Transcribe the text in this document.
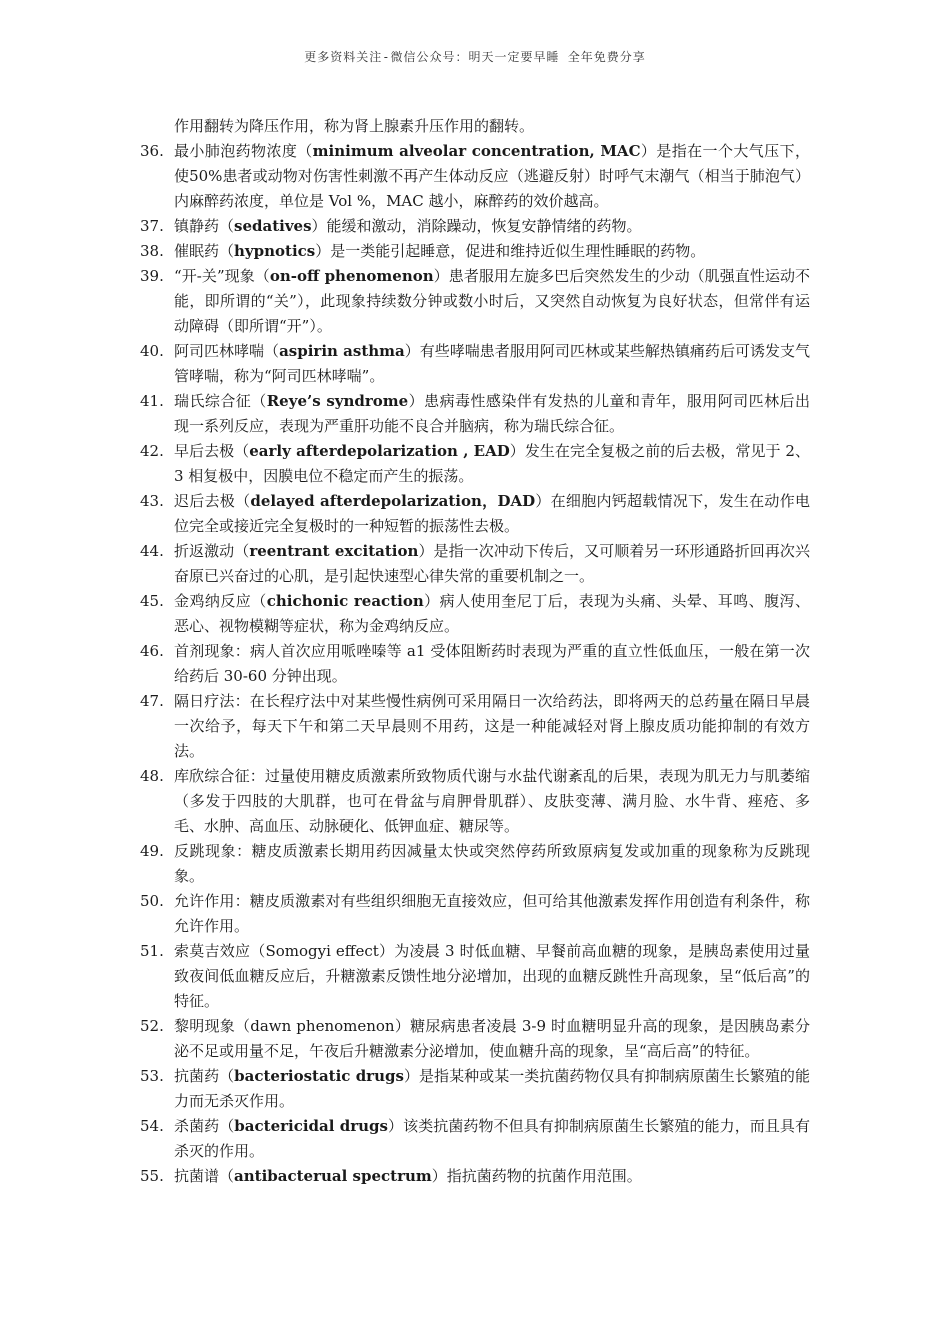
更多资料关注-微信公众号：明天一定要早睡 全年免费分享
作用翻转为降压作用，称为肾上腺素升压作用的翻转。
36. 最小肺泡药物浓度（minimum alveolar concentration, MAC）是指在一个大气压下，使50%患者或动物对伤害性刺激不再产生体动反应（逃避反射）时呼气末潮气（相当于肺泡气）内麻醉药浓度，单位是 Vol %，MAC 越小，麻醉药的效价越高。
37. 镇静药（sedatives）能缓和激动，消除躁动，恢复安静情绪的药物。
38. 催眠药（hypnotics）是一类能引起睡意，促进和维持近似生理性睡眠的药物。
39. “开-关”现象（on-off phenomenon）患者服用左旋多巴后突然发生的少动（肌强直性运动不能，即所谓的“关”），此现象持续数分钟或数小时后，又突然自动恢复为良好状态，但常伴有运动障碍（即所谓“开”）。
40. 阿司匹林哮喘（aspirin asthma）有些哮喘患者服用阿司匹林或某些解热镇痛药后可诱发支气管哮喘，称为“阿司匹林哮喘”。
41. 瑞氏综合征（Reye’s syndrome）患病毒性感染伴有发热的儿童和青年，服用阿司匹林后出现一系列反应，表现为严重肝功能不良合并脑病，称为瑞氏综合征。
42. 早后去极（early afterdepolarization , EAD）发生在完全复极之前的后去极，常见于 2、3 相复极中，因膜电位不稳定而产生的振荡。
43. 迟后去极（delayed afterdepolarization，DAD）在细胞内钙超载情况下，发生在动作电位完全或接近完全复极时的一种短暂的振荡性去极。
44. 折返激动（reentrant excitation）是指一次冲动下传后，又可顺着另一环形通路折回再次兴奋原已兴奋过的心肌，是引起快速型心律失常的重要机制之一。
45. 金鸡纳反应（chichonic reaction）病人使用奎尼丁后，表现为头痛、头晕、耳鸣、腹泻、恶心、视物模糊等症状，称为金鸡纳反应。
46. 首剂现象：病人首次应用哌唑嗪等 a1 受体阻断药时表现为严重的直立性低血压，一般在第一次给药后 30-60 分钟出现。
47. 隔日疗法：在长程疗法中对某些慢性病例可采用隔日一次给药法，即将两天的总药量在隔日早晨一次给予，每天下午和第二天早晨则不用药，这是一种能减轻对肾上腺皮质功能抑制的有效方法。
48. 库欣综合征：过量使用糖皮质激素所致物质代谢与水盐代谢紊乱的后果，表现为肌无力与肌萎缩（多发于四肢的大肌群，也可在骨盆与肩胛骨肌群）、皮肤变薄、满月脸、水牛背、痤疮、多毛、水肿、高血压、动脉硬化、低钾血症、糖尿等。
49. 反跳现象：糖皮质激素长期用药因减量太快或突然停药所致原病复发或加重的现象称为反跳现象。
50. 允许作用：糖皮质激素对有些组织细胞无直接效应，但可给其他激素发挥作用创造有利条件，称允许作用。
51. 索莫吉效应（Somogyi effect）为凌晨 3 时低血糖、早餐前高血糖的现象，是胰岛素使用过量致夜间低血糖反应后，升糖激素反馈性地分泌增加，出现的血糖反跳性升高现象，呈“低后高”的特征。
52. 黎明现象（dawn phenomenon）糖尿病患者凌晨 3-9 时血糖明显升高的现象，是因胰岛素分泌不足或用量不足，午夜后升糖激素分泌增加，使血糖升高的现象，呈“高后高”的特征。
53. 抗菌药（bacteriostatic drugs）是指某种或某一类抗菌药物仅具有抑制病原菌生长繁殖的能力而无杀灭作用。
54. 杀菌药（bactericidal drugs）该类抗菌药物不但具有抑制病原菌生长繁殖的能力，而且具有杀灭的作用。
55. 抗菌谱（antibacterual spectrum）指抗菌药物的抗菌作用范围。
